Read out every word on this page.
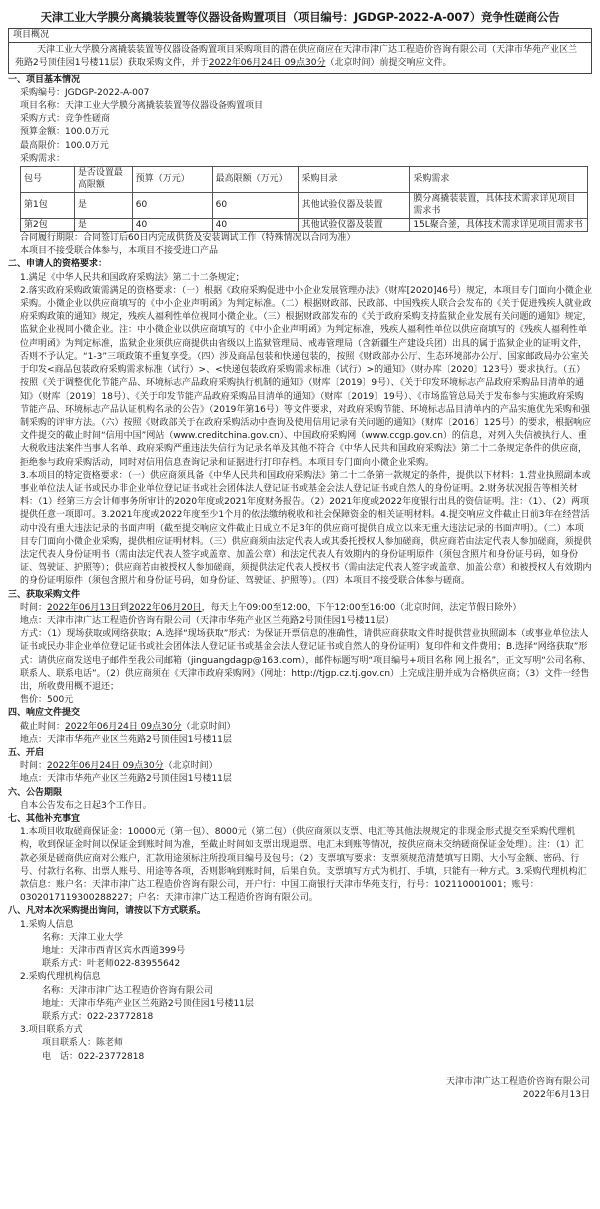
天津工业大学膜分离撬装装置等仪器设备购置项目（项目编号：JGDGP-2022-A-007）竞争性磋商公告
项目概况
天津工业大学膜分离撬装装置等仪器设备购置项目采购项目的潜在供应商应在天津市津广达工程造价咨询有限公司（天津市华苑产业区兰苑路2号顶佳园1号楼11层）获取采购文件，并于2022年06月24日 09点30分（北京时间）前提交响应文件。
一、项目基本情况
采购编号：JGDGP-2022-A-007
项目名称：天津工业大学膜分离撬装装置等仪器设备购置项目
采购方式：竞争性磋商
预算金额：100.0万元
最高限价：100.0万元
采购需求：
包号	是否设置最高限额	预算（万元）	最高限额（万元）	采购目录	采购需求
第1包	是	60	60	其他试验仪器及装置	膜分离撬装装置，具体技术需求详见项目需求书
第2包	是	40	40	其他试验仪器及装置	15L聚合釜，具体技术需求详见项目需求书
合同履行期限：合同签订后60日内完成供货及安装调试工作（特殊情况以合同为准）
本项目不接受联合体参与，本项目不接受进口产品
二、申请人的资格要求：
1.满足《中华人民共和国政府采购法》第二十二条规定；
2.落实政府采购政策需满足的资格要求：（一）根据《政府采购促进中小企业发展管理办法》（财库[2020]46号）规定，本项目专门面向小微企业采购。小微企业以供应商填写的《中小企业声明函》为判定标准。（二）根据财政部、民政部、中国残疾人联合会发布的《关于促进残疾人就业政府采购政策的通知》规定，残疾人福利性单位视同小微企业。（三）根据财政部发布的《关于政府采购支持监狱企业发展有关问题的通知》规定，监狱企业视同小微企业。注：中小微企业以供应商填写的《中小企业声明函》为判定标准，残疾人福利性单位以供应商填写的《残疾人福利性单位声明函》为判定标准，监狱企业须供应商提供由省级以上监狱管理局、戒毒管理局（含新疆生产建设兵团）出具的属于监狱企业的证明文件，否则不予认定。“1-3”三项政策不重复享受。（四）涉及商品包装和快递包装的，按照《财政部办公厅、生态环境部办公厅、国家邮政局办公室关于印发<商品包装政府采购需求标准（试行）>、<快递包装政府采购需求标准（试行）>的通知》（财办库〔2020〕123号）要求执行。（五）按照《关于调整优化节能产品、环境标志产品政府采购执行机制的通知》（财库〔2019〕9号）、《关于印发环境标志产品政府采购品目清单的通知》（财库〔2019〕18号）、《关于印发节能产品政府采购品目清单的通知》（财库〔2019〕19号）、《市场监管总局关于发布参与实施政府采购节能产品、环境标志产品认证机构名录的公告》（2019年第16号）等文件要求，对政府采购节能、环境标志品目清单内的产品实施优先采购和强制采购的评审方法。（六）按照《财政部关于在政府采购活动中查询及使用信用记录有关问题的通知》（财库〔2016〕125号）的要求，根据响应文件提交的截止时间“信用中国”网站（www.creditchina.gov.cn）、中国政府采购网（www.ccgp.gov.cn）的信息，对列入失信被执行人、重大税收违法案件当事人名单、政府采购严重违法失信行为记录名单及其他不符合《中华人民共和国政府采购法》第二十二条规定条件的供应商，拒绝参与政府采购活动，同时对信用信息查询记录和证据进行打印存档。本项目专门面向小微企业采购。
3.本项目的特定资格要求：（一）供应商须具备《中华人民共和国政府采购法》第二十二条第一款规定的条件，提供以下材料：1.营业执照副本或事业单位法人证书或民办非企业单位登记证书或社会团体法人登记证书或基金会法人登记证书或自然人的身份证明。2.财务状况报告等相关材料：（1）经第三方会计师事务所审计的2020年度或2021年度财务报告。（2）2021年度或2022年度银行出具的资信证明。注：（1）、（2）两项提供任意一项即可。3.2021年度或2022年度至少1个月的依法缴纳税收和社会保障资金的相关证明材料。4.提交响应文件截止日前3年在经营活动中没有重大违法记录的书面声明（截至提交响应文件截止日成立不足3年的供应商可提供自成立以来无重大违法记录的书面声明）。（二）本项目专门面向小微企业采购，提供相应证明材料。（三）供应商须由法定代表人或其委托授权人参加磋商，供应商若由法定代表人参加磋商，须提供法定代表人身份证明书（需由法定代表人签字或盖章、加盖公章）和法定代表人有效期内的身份证明原件（须包含照片和身份证号码，如身份证、驾驶证、护照等）；供应商若由被授权人参加磋商，须提供法定代表人授权书（需由法定代表人签字或盖章、加盖公章）和被授权人有效期内的身份证明原件（须包含照片和身份证号码，如身份证、驾驶证、护照等）。（四）本项目不接受联合体参与磋商。
三、获取采购文件
时间：2022年06月13日到2022年06月20日，每天上午09:00至12:00，下午12:00至16:00（北京时间，法定节假日除外）
地点：天津市津广达工程造价咨询有限公司（天津市华苑产业区兰苑路2号顶佳园1号楼11层）
方式：（1）现场获取或网络获取；A.选择“现场获取”形式：为保证开票信息的准确性，请供应商获取文件时提供营业执照副本（或事业单位法人证书或民办非企业单位登记证书或社会团体法人登记证书或基金会法人登记证书或自然人的身份证明）复印件和文件费用；B.选择“网络获取”形式：请供应商发送电子邮件至我公司邮箱（jinguangdagp@163.com），邮件标题写明“项目编号+项目名称 网上报名”，正文写明“公司名称、联系人、联系电话”。（2）供应商须在《天津市政府采购网》（网址：http://tjgp.cz.tj.gov.cn）上完成注册并成为合格供应商；（3）文件一经售出，所收费用概不退还；
售价：500元
四、响应文件提交
截止时间：2022年06月24日 09点30分（北京时间）
地点：天津市华苑产业区兰苑路2号顶佳园1号楼11层
五、开启
时间：2022年06月24日 09点30分（北京时间）
地点：天津市华苑产业区兰苑路2号顶佳园1号楼11层
六、公告期限
自本公告发布之日起3个工作日。
七、其他补充事宜
1.本项目收取磋商保证金：10000元（第一包）、8000元（第二包）（供应商须以支票、电汇等其他法规规定的非现金形式提交至采购代理机构，收到保证金时间以保证金到账时间为准，至截止时间如支票出现退票、电汇未到账等情况，按供应商未交纳磋商保证金处理）。注：（1）汇款必须是磋商供应商对公账户，汇款用途须标注所投项目编号及包号；（2）支票填写要求：支票须规范清楚填写日期、大小写金额、密码、行号、付款行名称、出票人账号、用途等各项，否则影响到账时间，后果自负。支票填写方式为机打、手填，只能有一种方式。3.采购代理机构汇款信息：账户名：天津市津广达工程造价咨询有限公司，开户行：中国工商银行天津市华苑支行，行号：102110001001；账号：0302017119300288227；户名：天津市津广达工程造价咨询有限公司。
八、凡对本次采购提出询问，请按以下方式联系。
1.采购人信息
名称：天津工业大学
地址：天津市西青区宾水西道399号
联系方式：叶老师022-83955642
2.采购代理机构信息
名称：天津市津广达工程造价咨询有限公司
地址：天津市华苑产业区兰苑路2号顶佳园1号楼11层
联系方式：022-23772818
3.项目联系方式
项目联系人：陈老师
电　话：022-23772818
天津市津广达工程造价咨询有限公司
2022年6月13日
